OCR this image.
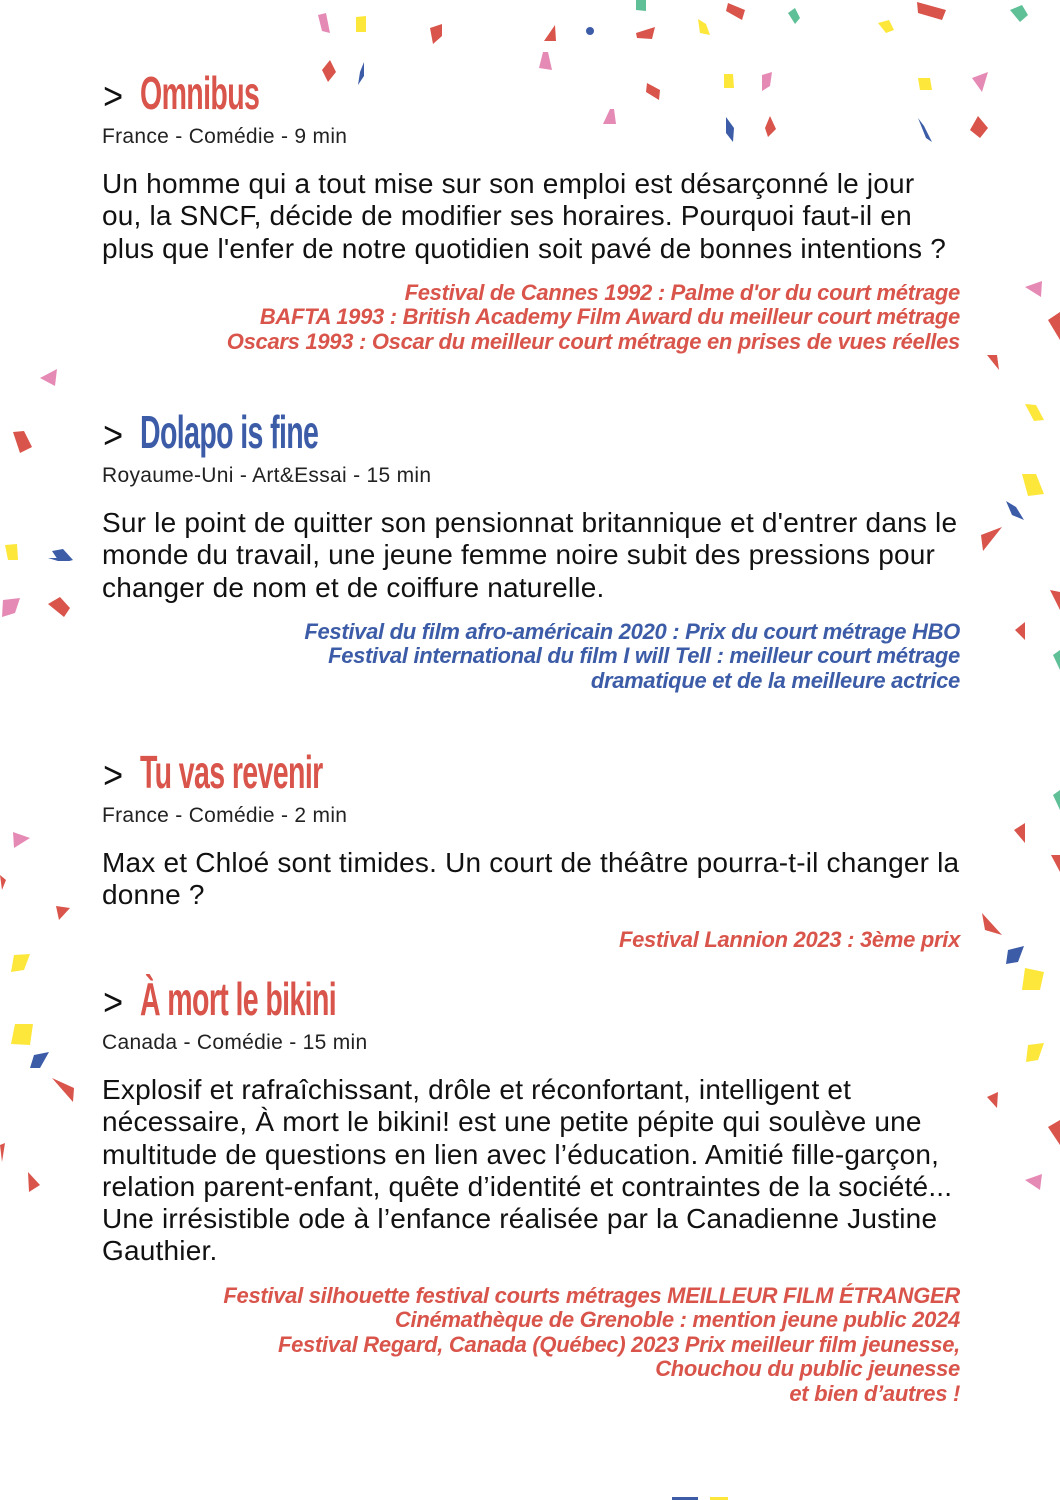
> Omnibus
France - Comédie - 9 min
Un homme qui a tout mise sur son emploi est désarçonné le jour ou, la SNCF, décide de modifier ses horaires. Pourquoi faut-il en plus que l'enfer de notre quotidien soit pavé de bonnes intentions ?
Festival de Cannes 1992 : Palme d'or du court métrage
BAFTA 1993 : British Academy Film Award du meilleur court métrage
Oscars 1993 : Oscar du meilleur court métrage en prises de vues réelles
> Dolapo is fine
Royaume-Uni - Art&Essai - 15 min
Sur le point de quitter son pensionnat britannique et d'entrer dans le monde du travail, une jeune femme noire subit des pressions pour changer de nom et de coiffure naturelle.
Festival du film afro-américain 2020 : Prix du court métrage HBO
Festival international du film I will Tell : meilleur court métrage
dramatique et de la meilleure actrice
> Tu vas revenir
France - Comédie - 2 min
Max et Chloé sont timides. Un court de théâtre pourra-t-il changer la donne ?
Festival Lannion 2023 : 3ème prix
> À mort le bikini
Canada - Comédie - 15 min
Explosif et rafraîchissant, drôle et réconfortant, intelligent et nécessaire, À mort le bikini! est une petite pépite qui soulève une multitude de questions en lien avec l’éducation. Amitié fille-garçon, relation parent-enfant, quête d’identité et contraintes de la société... Une irrésistible ode à l’enfance réalisée par la Canadienne Justine Gauthier.
Festival silhouette festival courts métrages MEILLEUR FILM ÉTRANGER
Cinémathèque de Grenoble : mention jeune public 2024
Festival Regard, Canada (Québec) 2023 Prix meilleur film jeunesse,
Chouchou du public jeunesse
et bien d’autres !
